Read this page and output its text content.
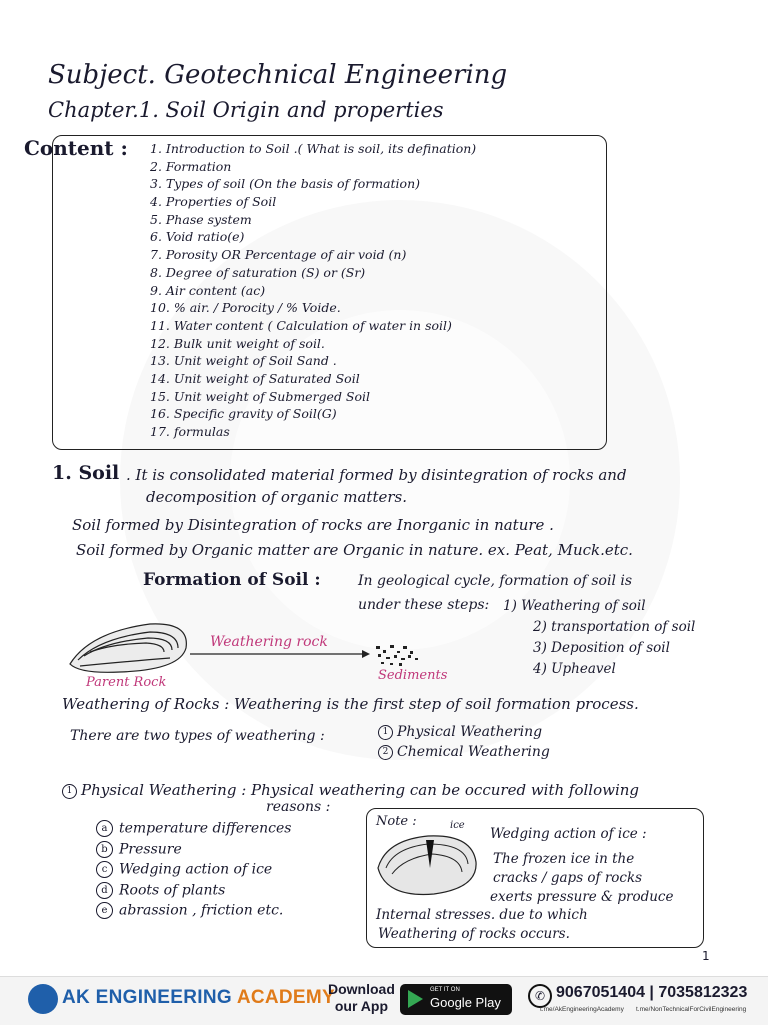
Subject. Geotechnical Engineering
Chapter.1. Soil Origin and properties
Content : 1. Introduction to Soil .( What is soil, its defination)
2. Formation
3. Types of soil (On the basis of formation)
4. Properties of Soil
5. Phase system
6. Void ratio(e)
7. Porosity OR Percentage of air void (n)
8. Degree of saturation (S) or (Sr)
9. Air content (ac)
10. % air. / Porocity / % Voide.
11. Water content ( Calculation of water in soil)
12. Bulk unit weight of soil.
13. Unit weight of Soil Sand .
14. Unit weight of Saturated Soil
15. Unit weight of Submerged Soil
16. Specific gravity of Soil(G)
17. formulas
1. Soil . It is consolidated material formed by disintegration of rocks and
decomposition of organic matters.
Soil formed by Disintegration of rocks are Inorganic in nature .
Soil formed by Organic matter are Organic in nature. ex. Peat, Muck.etc.
Formation of Soil :	In geological cycle, formation of soil is
under these steps: 1) Weathering of soil
2) transportation of soil
3) Deposition of soil
4) Upheavel
Weathering rock
Parent Rock	Sediments
Weathering of Rocks : Weathering is the first step of soil formation process.
There are two types of weathering :	1 Physical Weathering
2 Chemical Weathering
1 Physical Weathering : Physical weathering can be occured with following
reasons :
a temperature differences
b Pressure
c Wedging action of ice
d Roots of plants
e abrassion , friction etc.
Note :	ice
Wedging action of ice :
The frozen ice in the
cracks / gaps of rocks
exerts pressure & produce
Internal stresses. due to which
Weathering of rocks occurs.
1
AK ENGINEERING ACADEMY
Download
our App
GET IT ON
Google Play	✆ 9067051404 | 7035812323
t.me/AkEngineeringAcademy t.me/NonTechnicalForCivilEngineering
